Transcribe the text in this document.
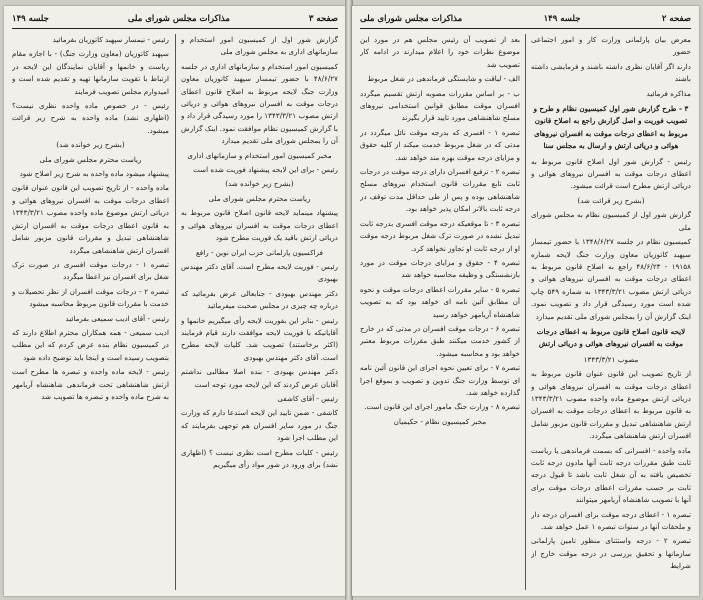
صفحه ۳
مذاکرات مجلس شورای ملی
جلسه ۱۴۹
گزارش شور اول از کمیسیون امور استخدام و سازمانهای اداری به مجلس شورای ملی
کمیسیون امور استخدام و سازمانهای اداری در جلسه ۴۸/۶/۲۷ با حضور تیمسار سپهبد کاتوزیان معاون وزارت جنگ لایحه مربوط به اصلاح قانون اعطای درجات موقت به افسران نیروهای هوائی و دریائی ارتش مصوب ۱۳۴۳/۳/۲۱ را مورد رسیدگی قرار داد و با گزارش کمیسیون نظام موافقت نمود. اینک گزارش آن را بمجلس شورای ملی تقدیم میدارد
مخبر کمیسیون امور استخدام و سازمانهای اداری
رئیس - برای این لایحه پیشنهاد فوریت شده است
(بشرح زیر خوانده شد)
ریاست محترم مجلس شورای ملی
پیشنهاد مینماید لایحه قانون اصلاح قانون مربوط به اعطای درجات موقت به افسران نیروهای هوائی و دریائی ارتش باقید یک فوریت مطرح شود
فراکسیون پارلمانی حزب ایران نوین - رافع
رئیس - فوریت لایحه مطرح است. آقای دکتر مهندس بهبودی
دکتر مهندس بهبودی - جنابعالی عرض بفرمائید که درباره چه چیزی در مجلس صحبت میفرمائید
رئیس - بنابر این بفوریت لایحه رأی میگیریم خانمها و آقایانیکه با فوریت لایحه موافقت دارند قیام فرمایند (اکثر برخاستند) تصویب شد. کلیات لایحه مطرح است. آقای دکتر مهندس بهبودی
دکتر مهندس بهبودی - بنده اصلا مطالبی نداشتم آقایان عرض کردند که این لایحه مورد توجه است
رئیس - آقای کاشفی
کاشفی - ضمن تایید این لایحه استدعا دارم که وزارت جنگ در مورد سایر افسران هم توجهی بفرمایند که این مطلب اجرا شود
رئیس - کلیات مطرح است نظری نیست ؟ (اظهاری نشد) برای ورود در شور مواد رأی میگیریم
رئیس - تیمسار سپهبد کاتوزیان بفرمائید
سپهبد کاتوزیان (معاون وزارت جنگ) - با اجازه مقام ریاست و خانمها و آقایان نمایندگان این لایحه در ارتباط با تقویت سازمانها تهیه و تقدیم شده است و امیدوارم مجلس تصویب فرمایند
رئیس - در خصوص ماده واحده نظری نیست؟ (اظهاری نشد) ماده واحده به شرح زیر قرائت میشود.
(بشرح زیر خوانده شد)
ریاست محترم مجلس شورای ملی
پیشنهاد میشود ماده واحده به شرح زیر اصلاح شود
ماده واحده - از تاریخ تصویب این قانون عنوان قانون اعطای درجات موقت به افسران نیروهای هوائی و دریائی ارتش موضوع ماده واحده مصوب ۱۳۴۳/۳/۲۱ به قانون اعطای درجات موقت به افسران ارتش شاهنشاهی تبدیل و مقررات قانون مزبور شامل افسران ارتش شاهنشاهی میگردد
تبصره ۱ - درجات موقت افسری در صورت ترک شغل برای افسران نیز اعطا میگردد
تبصره ۲ - درجات موقت افسران از نظر تحصیلات و خدمت با مقررات قانون مربوط محاسبه میشود
رئیس - آقای ادیب سمیعی بفرمائید
ادیب سمیعی - همه همکاران محترم اطلاع دارند که در کمیسیون نظام بنده عرض کردم که این مطلب بتصویب رسیده است و اینجا باید توضیح داده شود
رئیس - لایحه ماده واحده و تبصره ها مطرح است ارتش شاهنشاهی تحت فرماندهی شاهنشاه آریامهر به شرح ماده واحده و تبصره ها تصویب شد
صفحه ۲
جلسه ۱۴۹
مذاکرات مجلس شورای ملی
معرض بیان پارلمانی وزارت کار و امور اجتماعی حضور
دارند اگر آقایان نظری داشته باشند و فرمایشی داشته باشند
مذاکره فرمائید
۳ - طرح گزارش شور اول کمیسیون نظام و طرح و تصویب فوریت و اصل گزارش راجع به اصلاح قانون مربوط به اعطای درجات موقت به افسران نیروهای هوائی و دریائی ارتش و ارسال به مجلس سنا
رئیس - گزارش شور اول اصلاح قانون مربوط به اعطای درجات موقت به افسران نیروهای هوائی و دریائی ارتش مطرح است قرائت میشود.
(بشرح زیر قرائت شد)
گزارش شور اول از کمیسیون نظام به مجلس شورای ملی
کمیسیون نظام در جلسه ۱۳۴۸/۶/۲۷ با حضور تیمسار سپهبد کاتوزیان معاون وزارت جنگ لایحه شماره ۱۹۱۵۸ - ۴۸/۶/۲۳ راجع به اصلاح قانون مربوط به اعطای درجات موقت به افسران نیروهای هوائی و دریائی ارتش مصوب ۱۳۴۳/۳/۲۱ به شماره ۵۴۹ چاپ شده است مورد رسیدگی قرار داد و تصویب نمود. اینک گزارش آن را بمجلس شورای ملی تقدیم میدارد
لایحه قانون اصلاح قانون مربوط به اعطای درجات موقت به افسران نیروهای هوائی و دریائی ارتش
مصوب ۱۳۴۳/۳/۲۱
از تاریخ تصویب این قانون عنوان قانون مربوط به اعطای درجات موقت به افسران نیروهای هوائی و دریائی ارتش موضوع ماده واحده مصوب ۱۳۴۳/۳/۲۱ به قانون مربوط به اعطای درجات موقت به افسران ارتش شاهنشاهی تبدیل و مقررات قانون مزبور شامل افسران ارتش شاهنشاهی میگردد.
ماده واحده - افسرانی که بسمت فرماندهی یا ریاست ثابت طبق مقررات درجه ثابت آنها مادون درجه ثابت تخصیص یافته به آن شغل ثابت باشد تا قبول درجه ثابت بر حسب مقررات اعطای درجات موقت برای آنها با تصویب شاهنشاه آریامهر میتوانند
تبصره ۱ - اعطای درجه موقت برای افسران درجه دار و ملحقات آنها در سنوات تبصره ۱ عمل خواهد شد.
تبصره ۲ - درجه واستثنای منظور تامین پارلمانی سازمانها و تحقیق بررسی در درجه موقت خارج از شرایط
بعد از تصویب آن رئیس مجلس هم در مورد این موضوع نظرات خود را اعلام میدارند در ادامه کار تصویب شد
الف - لیاقت و شایستگی فرماندهی در شغل مربوط
ب - بر اساس مقررات مصوبه ارتش تقسیم میگردد افسران موقت مطابق قوانین استخدامی نیروهای مسلح شاهنشاهی مورد تایید قرار بگیرند
تبصره ۱ - افسری که بدرجه موقت نائل میگردد در مدتی که در شغل مربوط خدمت میکند از کلیه حقوق و مزایای درجه موقت بهره مند خواهد شد.
تبصره ۲ - ترفیع افسران دارای درجه موقت در درجات ثابت تابع مقررات قانون استخدام نیروهای مسلح شاهنشاهی بوده و پس از طی حداقل مدت توقف در درجه ثابت بالاتر امکان پذیر خواهد بود.
تبصره ۳ - تا موقعیکه درجه موقت افسری بدرجه ثابت تبدیل نشده در صورت ترک شغل مربوط درجه موقت او از درجه ثابت او تجاوز نخواهد کرد.
تبصره ۴ - حقوق و مزایای درجات موقت در مورد بازنشستگی و وظیفه محاسبه خواهد شد
تبصره ۵ - سایر مقررات اعطای درجات موقت و نحوه آن مطابق آئین نامه ای خواهد بود که به تصویب شاهنشاه آریامهر خواهد رسید
تبصره ۶ - درجات موقت افسران در مدتی که در خارج از کشور خدمت میکنند طبق مقررات مربوط معتبر خواهد بود و محاسبه میشود.
تبصره ۷ - برای تعیین نحوه اجرای این قانون آئین نامه ای توسط وزارت جنگ تدوین و تصویب و بموقع اجرا گذارده خواهد شد.
تبصره ۸ - وزارت جنگ مامور اجرای این قانون است.
مخبر کمیسیون نظام - حکیمیان
